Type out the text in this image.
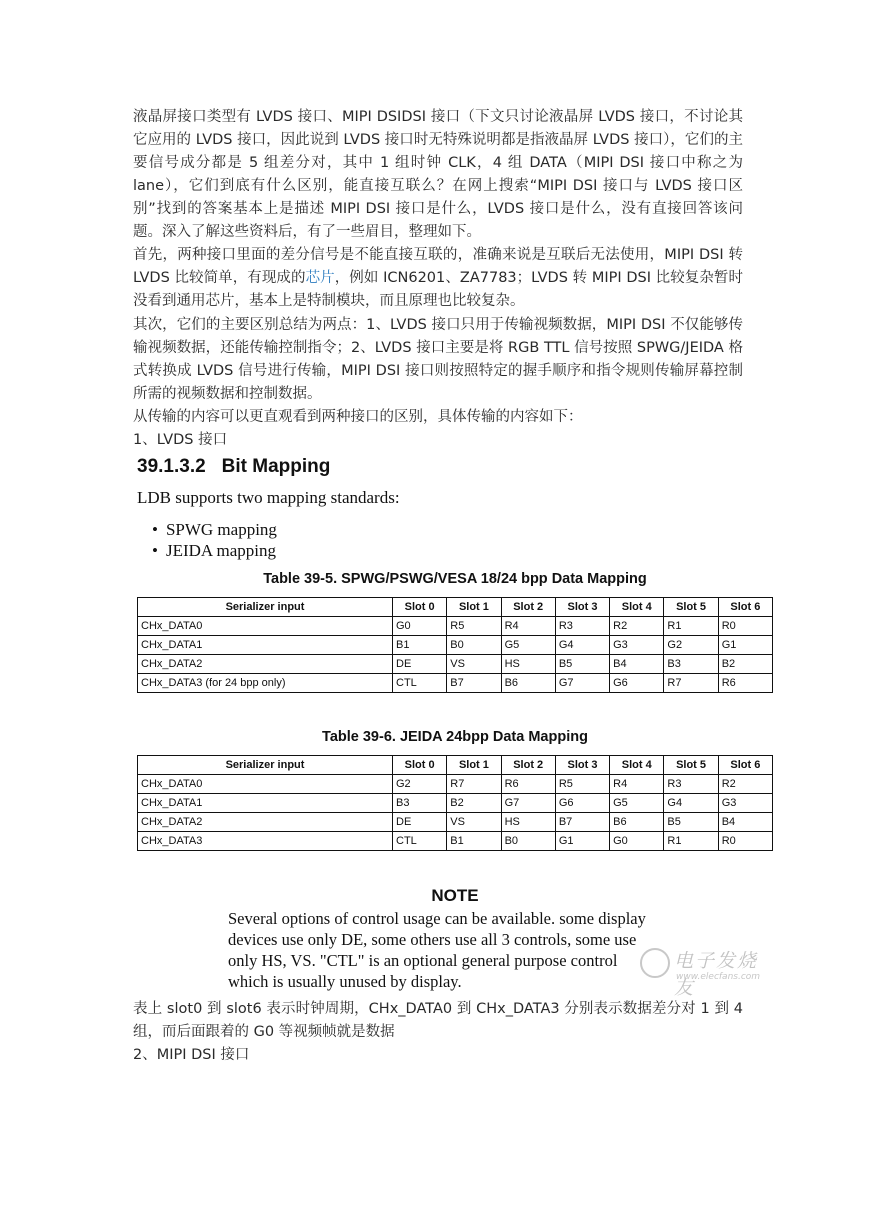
液晶屏接口类型有 LVDS 接口、MIPI DSIDSI 接口（下文只讨论液晶屏 LVDS 接口，不讨论其它应用的 LVDS 接口，因此说到 LVDS 接口时无特殊说明都是指液晶屏 LVDS 接口），它们的主要信号成分都是 5 组差分对，其中 1 组时钟 CLK，4 组 DATA（MIPI DSI 接口中称之为 lane），它们到底有什么区别，能直接互联么？在网上搜索“MIPI DSI 接口与 LVDS 接口区别”找到的答案基本上是描述 MIPI DSI 接口是什么，LVDS 接口是什么，没有直接回答该问题。深入了解这些资料后，有了一些眉目，整理如下。

首先，两种接口里面的差分信号是不能直接互联的，准确来说是互联后无法使用，MIPI DSI 转 LVDS 比较简单，有现成的芯片，例如 ICN6201、ZA7783；LVDS 转 MIPI DSI 比较复杂暂时没看到通用芯片，基本上是特制模块，而且原理也比较复杂。

其次，它们的主要区别总结为两点：1、LVDS 接口只用于传输视频数据，MIPI DSI 不仅能够传输视频数据，还能传输控制指令；2、LVDS 接口主要是将 RGB TTL 信号按照 SPWG/JEIDA 格式转换成 LVDS 信号进行传输，MIPI DSI 接口则按照特定的握手顺序和指令规则传输屏幕控制所需的视频数据和控制数据。

从传输的内容可以更直观看到两种接口的区别，具体传输的内容如下：

1、LVDS 接口

39.1.3.2 Bit Mapping

LDB supports two mapping standards:

• SPWG mapping
• JEIDA mapping

Table 39-5. SPWG/PSWG/VESA 18/24 bpp Data Mapping

Serializer input	Slot 0	Slot 1	Slot 2	Slot 3	Slot 4	Slot 5	Slot 6
CHx_DATA0	G0	R5	R4	R3	R2	R1	R0
CHx_DATA1	B1	B0	G5	G4	G3	G2	G1
CHx_DATA2	DE	VS	HS	B5	B4	B3	B2
CHx_DATA3 (for 24 bpp only)	CTL	B7	B6	G7	G6	R7	R6

Table 39-6. JEIDA 24bpp Data Mapping

Serializer input	Slot 0	Slot 1	Slot 2	Slot 3	Slot 4	Slot 5	Slot 6
CHx_DATA0	G2	R7	R6	R5	R4	R3	R2
CHx_DATA1	B3	B2	G7	G6	G5	G4	G3
CHx_DATA2	DE	VS	HS	B7	B6	B5	B4
CHx_DATA3	CTL	B1	B0	G1	G0	R1	R0

NOTE

Several options of control usage can be available. some display
devices use only DE, some others use all 3 controls, some use
only HS, VS. "CTL" is an optional general purpose control
which is usually unused by display.
电子发烧友
www.elecfans.com

表上 slot0 到 slot6 表示时钟周期，CHx_DATA0 到 CHx_DATA3 分别表示数据差分对 1 到 4 组，而后面跟着的 G0 等视频帧就是数据

2、MIPI DSI 接口
